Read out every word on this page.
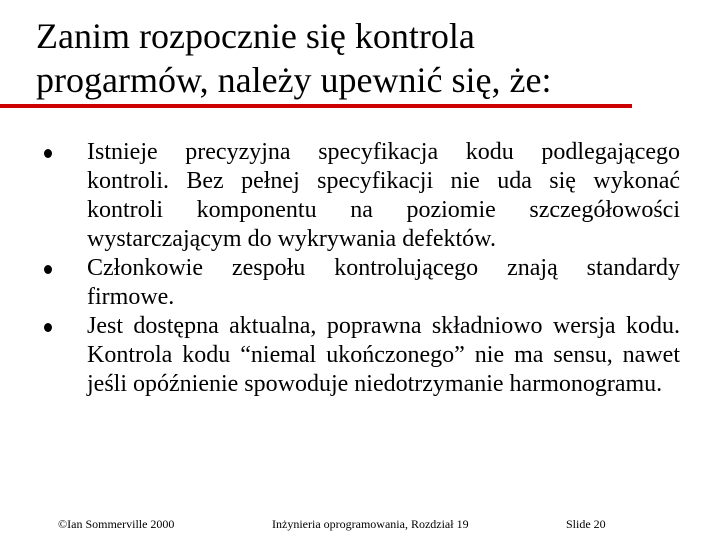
Zanim rozpocznie się kontrola
progarmów, należy upewnić się, że:
Istnieje precyzyjna specyfikacja kodu podlegającego kontroli. Bez pełnej specyfikacji nie uda się wykonać kontroli komponentu na poziomie szczegółowości wystarczającym do wykrywania defektów.
Członkowie zespołu kontrolującego znają standardy firmowe.
Jest dostępna aktualna, poprawna składniowo wersja kodu. Kontrola kodu “niemal ukończonego” nie ma sensu, nawet jeśli opóźnienie spowoduje niedotrzymanie harmonogramu.
©Ian Sommerville 2000	Inżynieria oprogramowania, Rozdział 19	Slide 20
